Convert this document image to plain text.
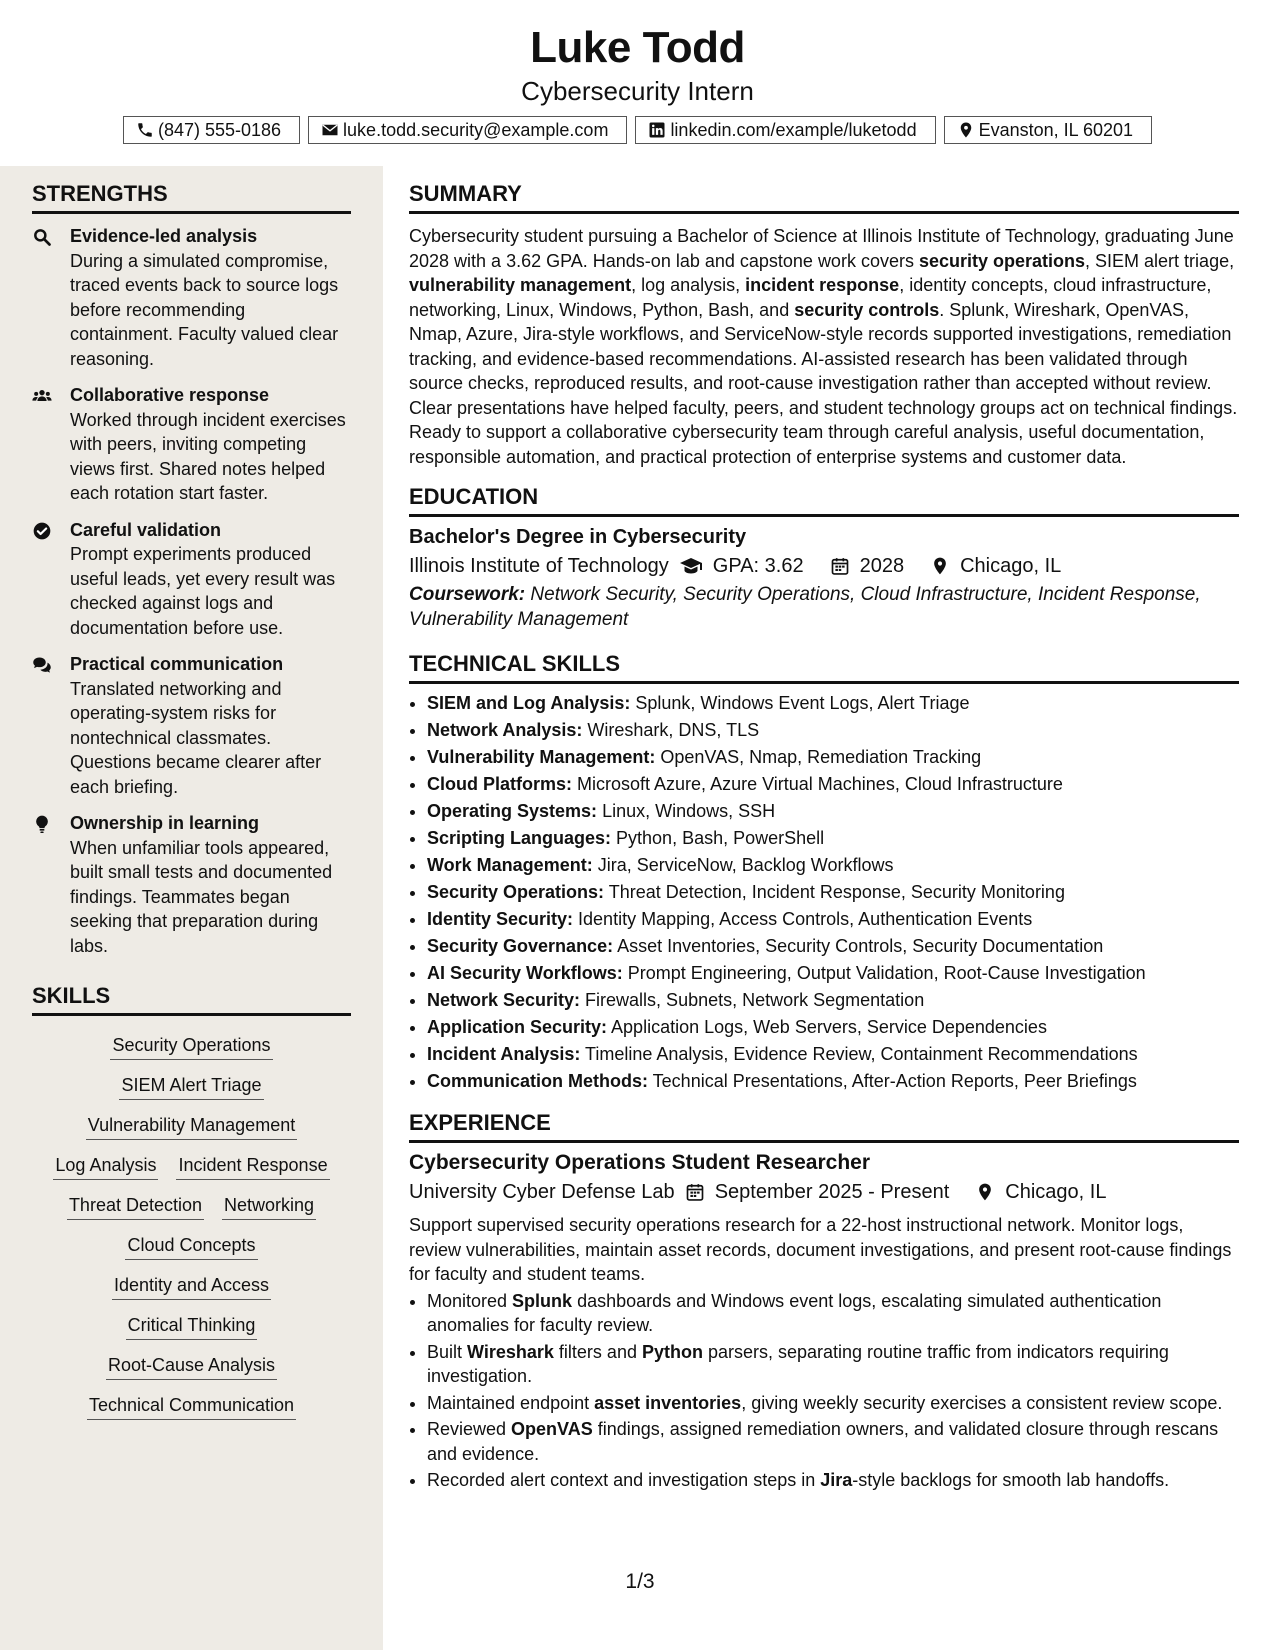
Luke Todd
Cybersecurity Intern
(847) 555-0186	luke.todd.security@example.com	linkedin.com/example/luketodd	Evanston, IL 60201
STRENGTHS
Evidence-led analysis
During a simulated compromise, traced events back to source logs before recommending containment. Faculty valued clear reasoning.
Collaborative response
Worked through incident exercises with peers, inviting competing views first. Shared notes helped each rotation start faster.
Careful validation
Prompt experiments produced useful leads, yet every result was checked against logs and documentation before use.
Practical communication
Translated networking and operating-system risks for nontechnical classmates. Questions became clearer after each briefing.
Ownership in learning
When unfamiliar tools appeared, built small tests and documented findings. Teammates began seeking that preparation during labs.
SKILLS
Security Operations
SIEM Alert Triage
Vulnerability Management
Log Analysis Incident Response
Threat Detection Networking
Cloud Concepts
Identity and Access
Critical Thinking
Root-Cause Analysis
Technical Communication
SUMMARY

Cybersecurity student pursuing a Bachelor of Science at Illinois Institute of Technology, graduating June 2028 with a 3.62 GPA. Hands-on lab and capstone work covers security operations, SIEM alert triage, vulnerability management, log analysis, incident response, identity concepts, cloud infrastructure, networking, Linux, Windows, Python, Bash, and security controls. Splunk, Wireshark, OpenVAS, Nmap, Azure, Jira-style workflows, and ServiceNow-style records supported investigations, remediation tracking, and evidence-based recommendations. AI-assisted research has been validated through source checks, reproduced results, and root-cause investigation rather than accepted without review. Clear presentations have helped faculty, peers, and student technology groups act on technical findings. Ready to support a collaborative cybersecurity team through careful analysis, useful documentation, responsible automation, and practical protection of enterprise systems and customer data.

EDUCATION
Bachelor's Degree in Cybersecurity
Illinois Institute of Technology GPA: 3.62	2028	Chicago, IL
Coursework: Network Security, Security Operations, Cloud Infrastructure, Incident Response, Vulnerability Management
TECHNICAL SKILLS
• SIEM and Log Analysis: Splunk, Windows Event Logs, Alert Triage
• Network Analysis: Wireshark, DNS, TLS
• Vulnerability Management: OpenVAS, Nmap, Remediation Tracking
• Cloud Platforms: Microsoft Azure, Azure Virtual Machines, Cloud Infrastructure
• Operating Systems: Linux, Windows, SSH
• Scripting Languages: Python, Bash, PowerShell
• Work Management: Jira, ServiceNow, Backlog Workflows
• Security Operations: Threat Detection, Incident Response, Security Monitoring
• Identity Security: Identity Mapping, Access Controls, Authentication Events
• Security Governance: Asset Inventories, Security Controls, Security Documentation
• AI Security Workflows: Prompt Engineering, Output Validation, Root-Cause Investigation
• Network Security: Firewalls, Subnets, Network Segmentation
• Application Security: Application Logs, Web Servers, Service Dependencies
• Incident Analysis: Timeline Analysis, Evidence Review, Containment Recommendations
• Communication Methods: Technical Presentations, After-Action Reports, Peer Briefings
EXPERIENCE
Cybersecurity Operations Student Researcher
University Cyber Defense Lab September 2025 - Present	Chicago, IL

Support supervised security operations research for a 22-host instructional network. Monitor logs, review vulnerabilities, maintain asset records, document investigations, and present root-cause findings for faculty and student teams.

• Monitored Splunk dashboards and Windows event logs, escalating simulated authentication anomalies for faculty review.
• Built Wireshark filters and Python parsers, separating routine traffic from indicators requiring investigation.
• Maintained endpoint asset inventories, giving weekly security exercises a consistent review scope.
• Reviewed OpenVAS findings, assigned remediation owners, and validated closure through rescans and evidence.
• Recorded alert context and investigation steps in Jira-style backlogs for smooth lab handoffs.
1/3
